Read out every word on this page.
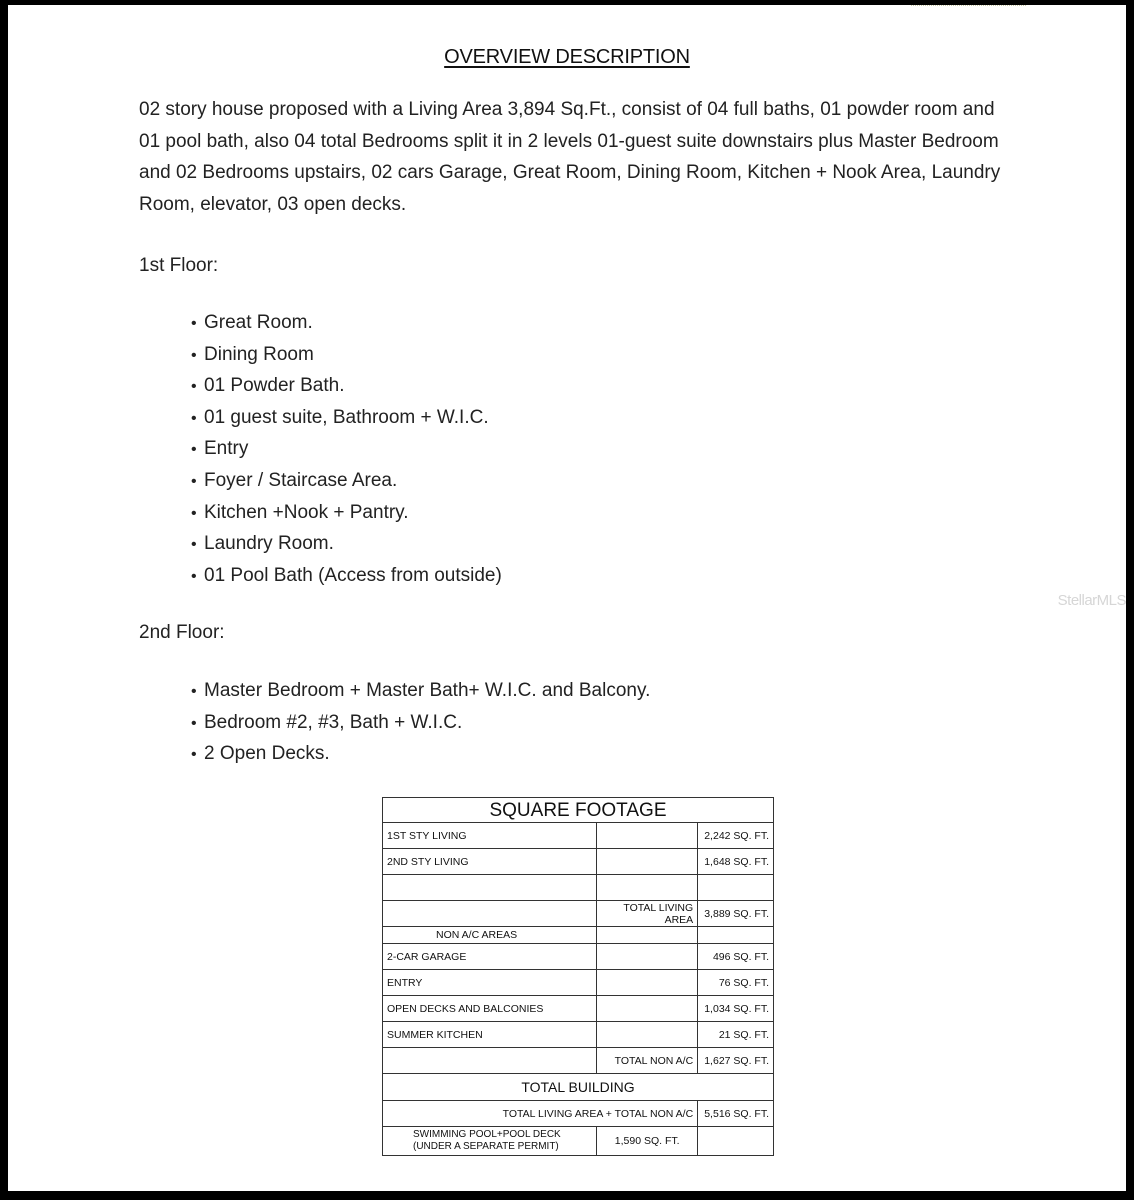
OVERVIEW DESCRIPTION

02 story house proposed with a Living Area 3,894 Sq.Ft., consist of 04 full baths, 01 powder room and 01 pool bath, also 04 total Bedrooms split it in 2 levels 01-guest suite downstairs plus Master Bedroom and 02 Bedrooms upstairs, 02 cars Garage, Great Room, Dining Room, Kitchen + Nook Area, Laundry Room, elevator, 03 open decks.

1st Floor:
• Great Room.
• Dining Room
• 01 Powder Bath.
• 01 guest suite, Bathroom + W.I.C.
• Entry
• Foyer / Staircase Area.
• Kitchen +Nook + Pantry.
• Laundry Room.
• 01 Pool Bath (Access from outside)
StellarMLS
2nd Floor:
• Master Bedroom + Master Bath+ W.I.C. and Balcony.
• Bedroom #2, #3, Bath + W.I.C.
• 2 Open Decks.
SQUARE FOOTAGE		
1ST STY LIVING		2,242 SQ. FT.
2ND STY LIVING		1,648 SQ. FT.

	TOTAL LIVING AREA	3,889 SQ. FT.
NON A/C AREAS		
2-CAR GARAGE		496 SQ. FT.
ENTRY		76 SQ. FT.
OPEN DECKS AND BALCONIES		1,034 SQ. FT.
SUMMER KITCHEN		21 SQ. FT.
	TOTAL NON A/C	1,627 SQ. FT.
TOTAL BUILDING		
TOTAL LIVING AREA + TOTAL NON A/C		5,516 SQ. FT.

SWIMMING POOL+POOL DECK
(UNDER A SEPARATE PERMIT)	1,590 SQ. FT.	
